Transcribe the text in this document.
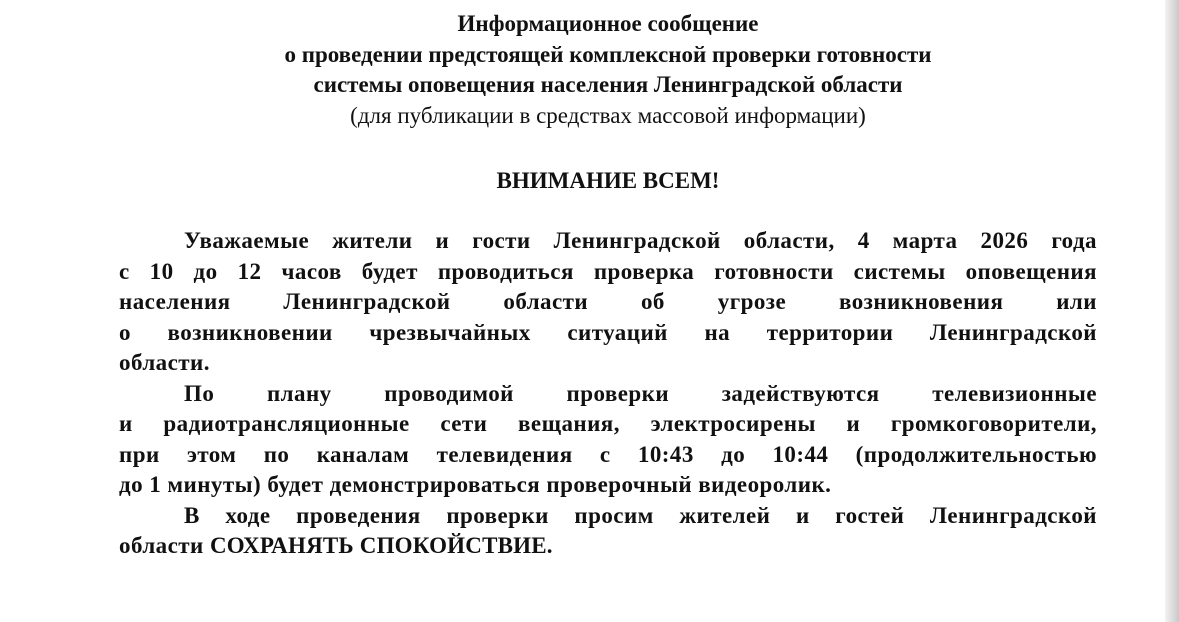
Информационное сообщение
о проведении предстоящей комплексной проверки готовности
системы оповещения населения Ленинградской области
(для публикации в средствах массовой информации)
ВНИМАНИЕ ВСЕМ!
Уважаемые жители и гости Ленинградской области, 4 марта 2026 года
с 10 до 12 часов будет проводиться проверка готовности системы оповещения
населения Ленинградской области об угрозе возникновения или
о возникновении чрезвычайных ситуаций на территории Ленинградской
области.
По плану проводимой проверки задействуются телевизионные
и радиотрансляционные сети вещания, электросирены и громкоговорители,
при этом по каналам телевидения с 10:43 до 10:44 (продолжительностью
до 1 минуты) будет демонстрироваться проверочный видеоролик.
В ходе проведения проверки просим жителей и гостей Ленинградской
области СОХРАНЯТЬ СПОКОЙСТВИЕ.
